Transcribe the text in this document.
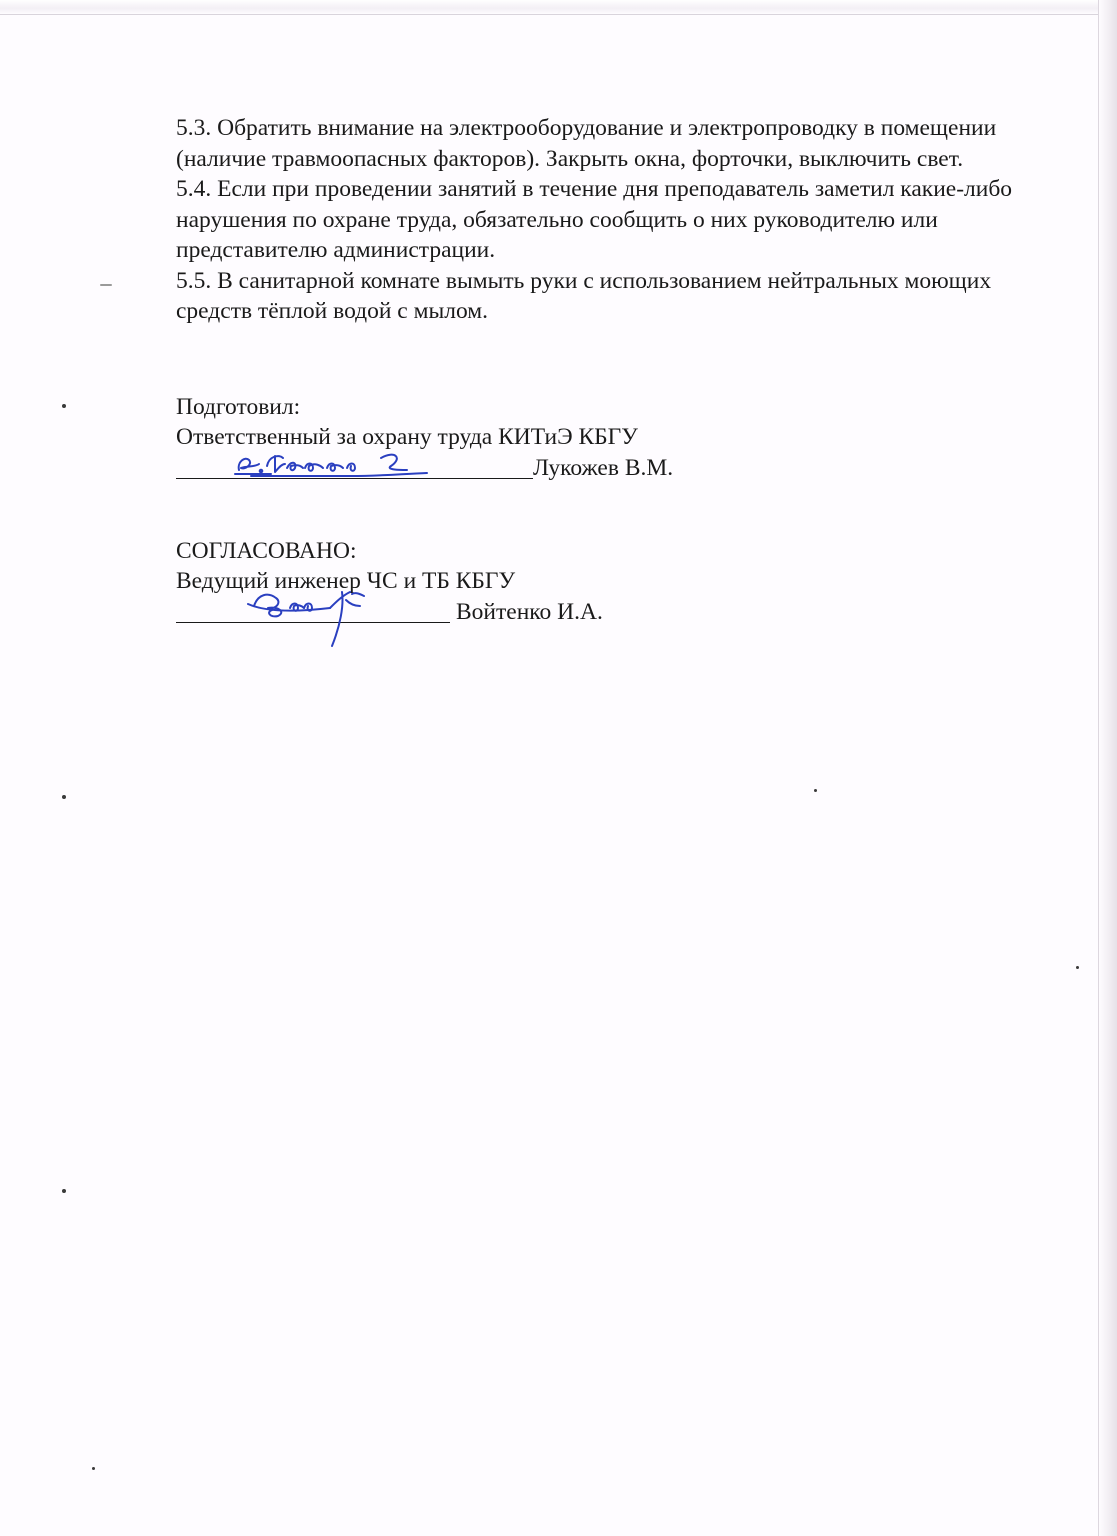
5.3. Обратить внимание на электрооборудование и электропроводку в помещении (наличие травмоопасных факторов). Закрыть окна, форточки, выключить свет.

5.4. Если при проведении занятий в течение дня преподаватель заметил какие-либо нарушения по охране труда, обязательно сообщить о них руководителю или представителю администрации.

5.5. В санитарной комнате вымыть руки с использованием нейтральных моющих средств тёплой водой с мылом.

Подготовил:

Ответственный за охрану труда КИТиЭ КБГУ

Лукожев В.М.

СОГЛАСОВАНО:

Ведущий инженер ЧС и ТБ КБГУ

Войтенко И.А.
